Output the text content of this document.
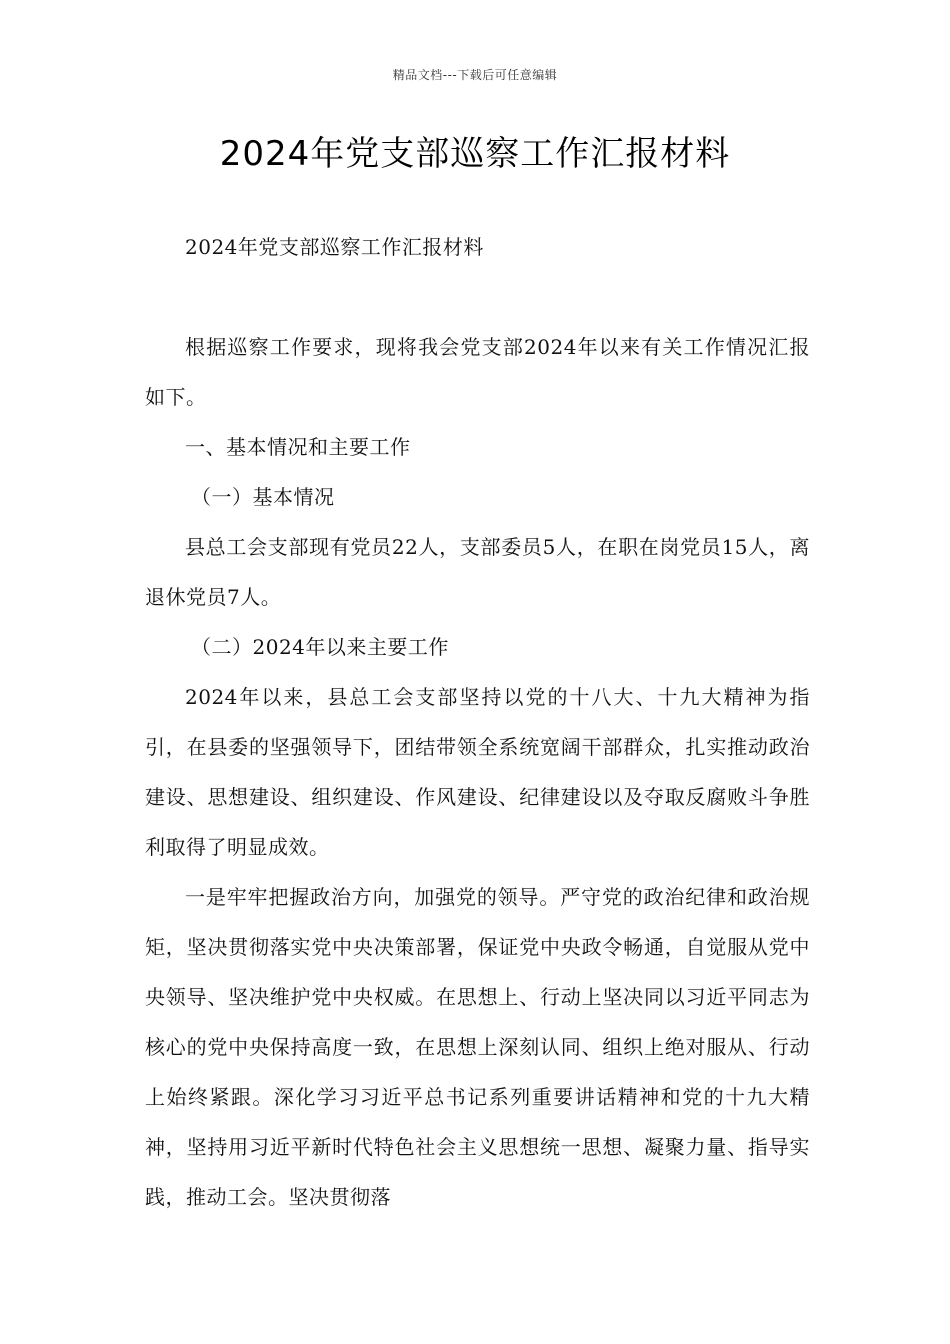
精品文档---下载后可任意编辑
2024年党支部巡察工作汇报材料

2024年党支部巡察工作汇报材料

根据巡察工作要求，现将我会党支部2024年以来有关工作情况汇报如下。

一、基本情况和主要工作

（一）基本情况

县总工会支部现有党员22人，支部委员5人，在职在岗党员15人，离退休党员7人。

（二）2024年以来主要工作

2024年以来，县总工会支部坚持以党的十八大、十九大精神为指引，在县委的坚强领导下，团结带领全系统宽阔干部群众，扎实推动政治建设、思想建设、组织建设、作风建设、纪律建设以及夺取反腐败斗争胜利取得了明显成效。

一是牢牢把握政治方向，加强党的领导。严守党的政治纪律和政治规矩，坚决贯彻落实党中央决策部署，保证党中央政令畅通，自觉服从党中央领导、坚决维护党中央权威。在思想上、行动上坚决同以习近平同志为核心的党中央保持高度一致，在思想上深刻认同、组织上绝对服从、行动上始终紧跟。深化学习习近平总书记系列重要讲话精神和党的十九大精神，坚持用习近平新时代特色社会主义思想统一思想、凝聚力量、指导实践，推动工会。坚决贯彻落
